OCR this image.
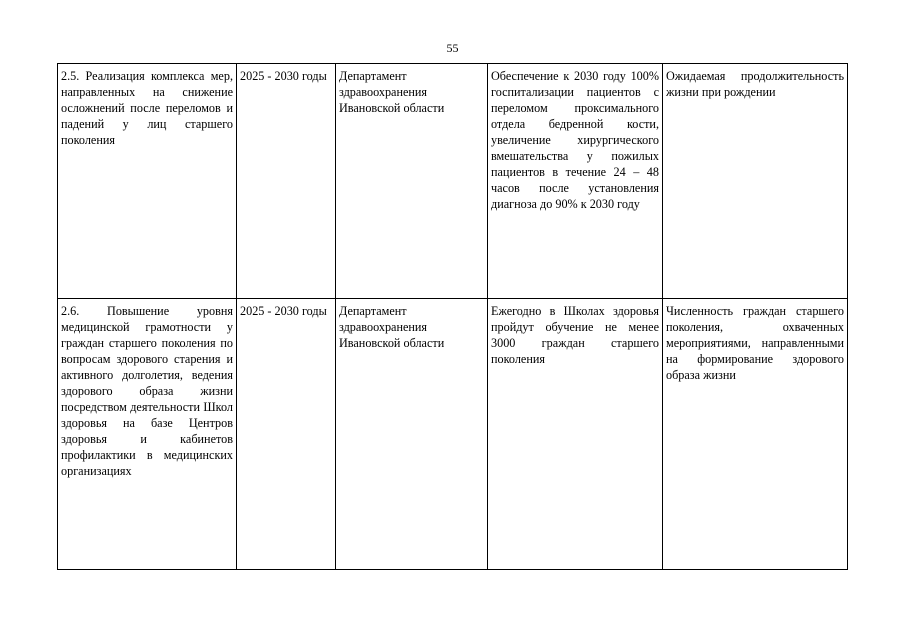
55
2.5. Реализация комплекса мер, направленных на снижение осложнений после переломов и падений у лиц старшего поколения	2025 - 2030 годы	Департамент здравоохранения Ивановской области	Обеспечение к 2030 году 100% госпитализации пациентов с переломом проксимального отдела бедренной кости, увеличение хирургического вмешательства у пожилых пациентов в течение 24 – 48 часов после установления диагноза до 90% к 2030 году	Ожидаемая продолжительность жизни при рождении
2.6. Повышение уровня медицинской грамотности у граждан старшего поколения по вопросам здорового старения и активного долголетия, ведения здорового образа жизни посредством деятельности Школ здоровья на базе Центров здоровья и кабинетов профилактики в медицинских организациях	2025 - 2030 годы	Департамент здравоохранения Ивановской области	Ежегодно в Школах здоровья пройдут обучение не менее 3000 граждан старшего поколения	Численность граждан старшего поколения, охваченных мероприятиями, направленными на формирование здорового образа жизни
